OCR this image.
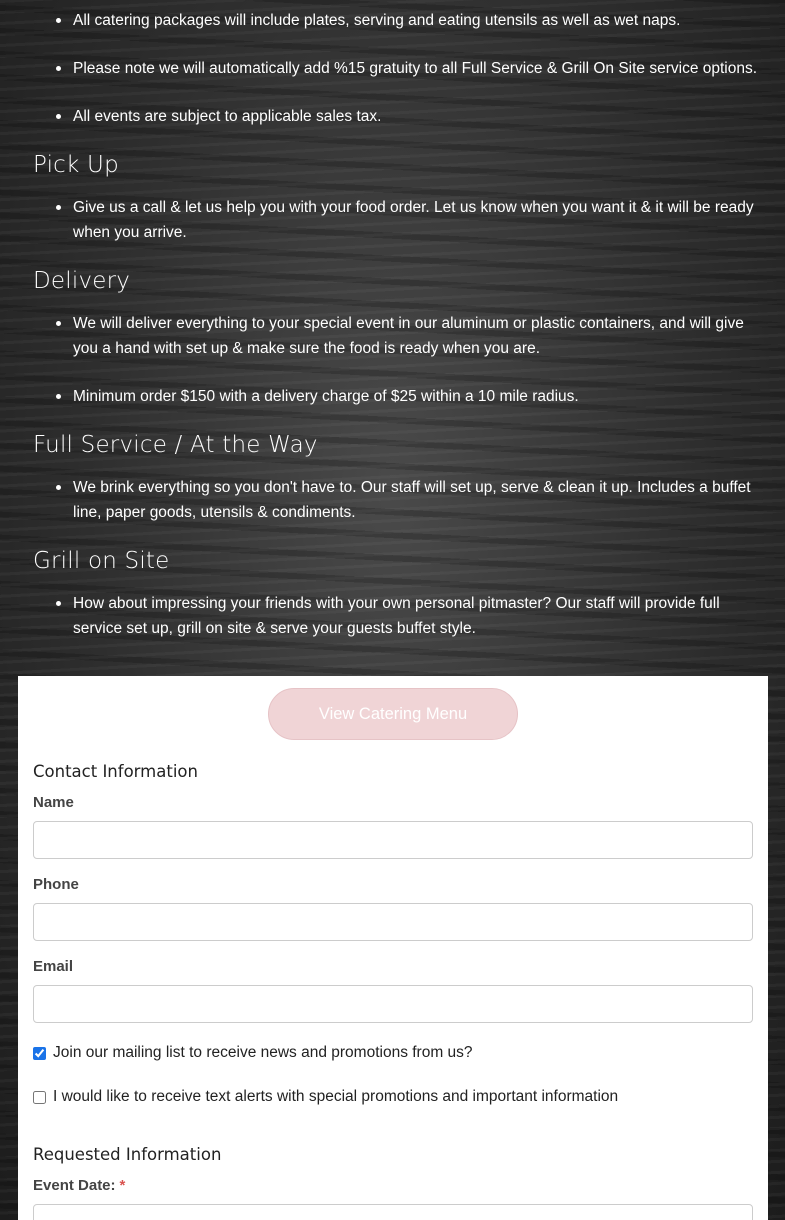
All catering packages will include plates, serving and eating utensils as well as wet naps.
Please note we will automatically add %15 gratuity to all Full Service & Grill On Site service options.
All events are subject to applicable sales tax.
Pick Up
Give us a call & let us help you with your food order. Let us know when you want it & it will be ready when you arrive.
Delivery
We will deliver everything to your special event in our aluminum or plastic containers, and will give you a hand with set up & make sure the food is ready when you are.
Minimum order $150 with a delivery charge of $25 within a 10 mile radius.
Full Service / At the Way
We brink everything so you don't have to. Our staff will set up, serve & clean it up. Includes a buffet line, paper goods, utensils & condiments.
Grill on Site
How about impressing your friends with your own personal pitmaster? Our staff will provide full service set up, grill on site & serve your guests buffet style.
View Catering Menu
Contact Information
Name
Phone
Email
Join our mailing list to receive news and promotions from us?
I would like to receive text alerts with special promotions and important information
Requested Information
Event Date: *
